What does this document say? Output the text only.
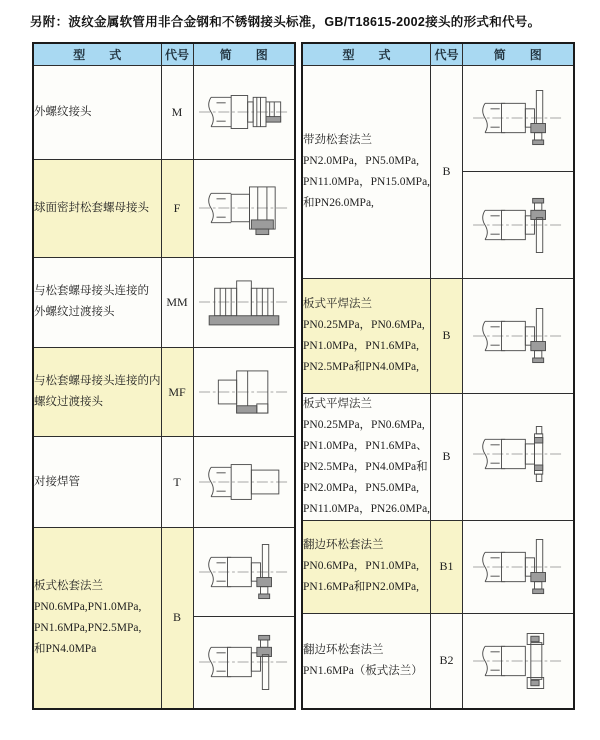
另附：波纹金属软管用非合金钢和不锈钢接头标准，GB/T18615-2002接头的形式和代号。
型　　式	代号	简　　图

外螺纹接头	M	

球面密封松套螺母接头	F	

与松套螺母接头连接的
外螺纹过渡接头	MM	

与松套螺母接头连接的内
螺纹过渡接头	MF	

对接焊管	T	

板式松套法兰
PN0.6MPa,PN1.0MPa,
PN1.6MPa,PN2.5MPa,
和PN4.0MPa	B	
型　　式	代号	简　　图

带劲松套法兰
PN2.0MPa，PN5.0MPa,
PN11.0MPa，PN15.0MPa,
和PN26.0MPa,	B	

板式平焊法兰
PN0.25MPa，PN0.6MPa,
PN1.0MPa，PN1.6MPa,
PN2.5MPa和PN4.0MPa,	B	

板式平焊法兰
PN0.25MPa，PN0.6MPa,
PN1.0MPa，PN1.6MPa、
PN2.5MPa，PN4.0MPa和
PN2.0MPa，PN5.0MPa,
PN11.0MPa，PN26.0MPa,
	B	

翻边环松套法兰
PN0.6MPa，PN1.0MPa,
PN1.6MPa和PN2.0MPa,	B1	

翻边环松套法兰
PN1.6MPa（板式法兰）	B2	
